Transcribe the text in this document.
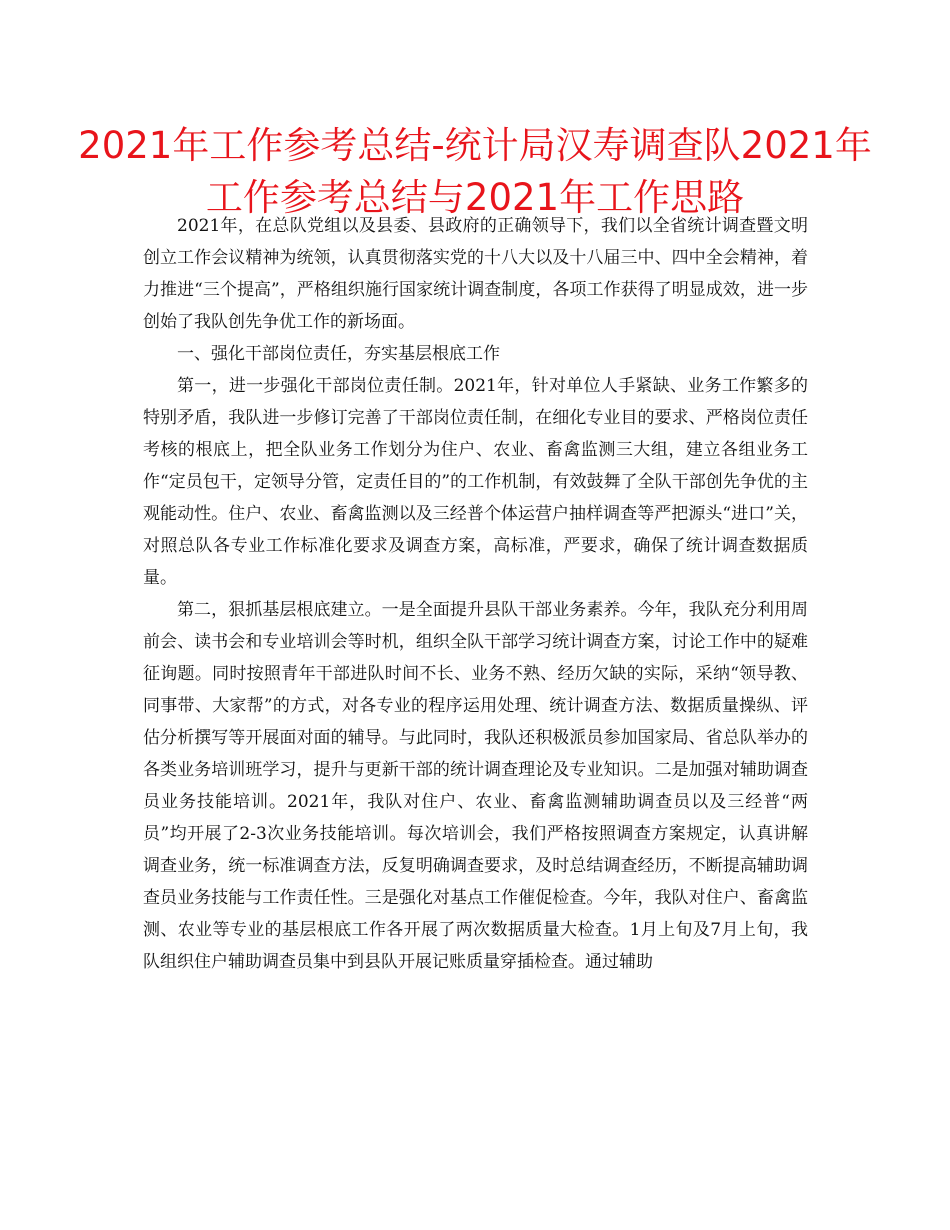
2021年工作参考总结-统计局汉寿调查队2021年工作参考总结与2021年工作思路

2021年，在总队党组以及县委、县政府的正确领导下，我们以全省统计调查暨文明创立工作会议精神为统领，认真贯彻落实党的十八大以及十八届三中、四中全会精神，着力推进“三个提高”，严格组织施行国家统计调查制度，各项工作获得了明显成效，进一步创始了我队创先争优工作的新场面。

一、强化干部岗位责任，夯实基层根底工作

第一，进一步强化干部岗位责任制。2021年，针对单位人手紧缺、业务工作繁多的特别矛盾，我队进一步修订完善了干部岗位责任制，在细化专业目的要求、严格岗位责任考核的根底上，把全队业务工作划分为住户、农业、畜禽监测三大组，建立各组业务工作“定员包干，定领导分管，定责任目的”的工作机制，有效鼓舞了全队干部创先争优的主观能动性。住户、农业、畜禽监测以及三经普个体运营户抽样调查等严把源头“进口”关，对照总队各专业工作标准化要求及调查方案，高标准，严要求，确保了统计调查数据质量。

第二，狠抓基层根底建立。一是全面提升县队干部业务素养。今年，我队充分利用周前会、读书会和专业培训会等时机，组织全队干部学习统计调查方案，讨论工作中的疑难征询题。同时按照青年干部进队时间不长、业务不熟、经历欠缺的实际，采纳“领导教、同事带、大家帮”的方式，对各专业的程序运用处理、统计调查方法、数据质量操纵、评估分析撰写等开展面对面的辅导。与此同时，我队还积极派员参加国家局、省总队举办的各类业务培训班学习，提升与更新干部的统计调查理论及专业知识。二是加强对辅助调查员业务技能培训。2021年，我队对住户、农业、畜禽监测辅助调查员以及三经普“两员”均开展了2-3次业务技能培训。每次培训会，我们严格按照调查方案规定，认真讲解调查业务，统一标准调查方法，反复明确调查要求，及时总结调查经历，不断提高辅助调查员业务技能与工作责任性。三是强化对基点工作催促检查。今年，我队对住户、畜禽监测、农业等专业的基层根底工作各开展了两次数据质量大检查。1月上旬及7月上旬，我队组织住户辅助调查员集中到县队开展记账质量穿插检查。通过辅助
